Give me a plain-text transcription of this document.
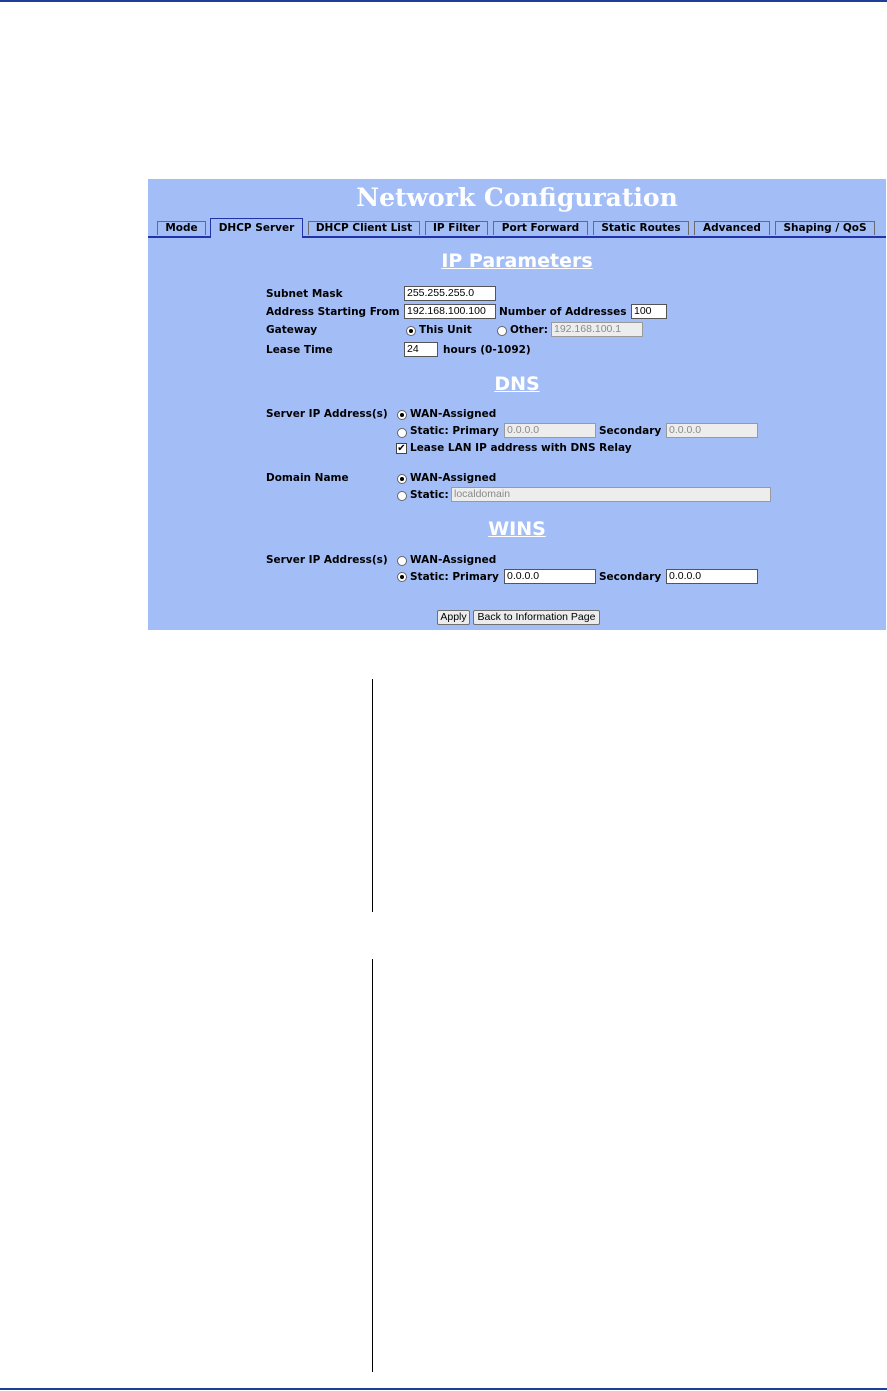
Network Configuration
Mode	DHCP Server	DHCP Client List	IP Filter	Port Forward	Static Routes	Advanced	Shaping / QoS
IP Parameters
Subnet Mask	255.255.255.0
Address Starting From 192.168.100.100	Number of Addresses 100
Gateway	This Unit	Other: 192.168.100.1
Lease Time	24	hours (0-1092)
DNS
Server IP Address(s) WAN-Assigned
Static: Primary 0.0.0.0	Secondary 0.0.0.0
✔ Lease LAN IP address with DNS Relay
Domain Name	WAN-Assigned
Static: localdomain
WINS
Server IP Address(s) WAN-Assigned
Static: Primary 0.0.0.0	Secondary 0.0.0.0
Apply	Back to Information Page
